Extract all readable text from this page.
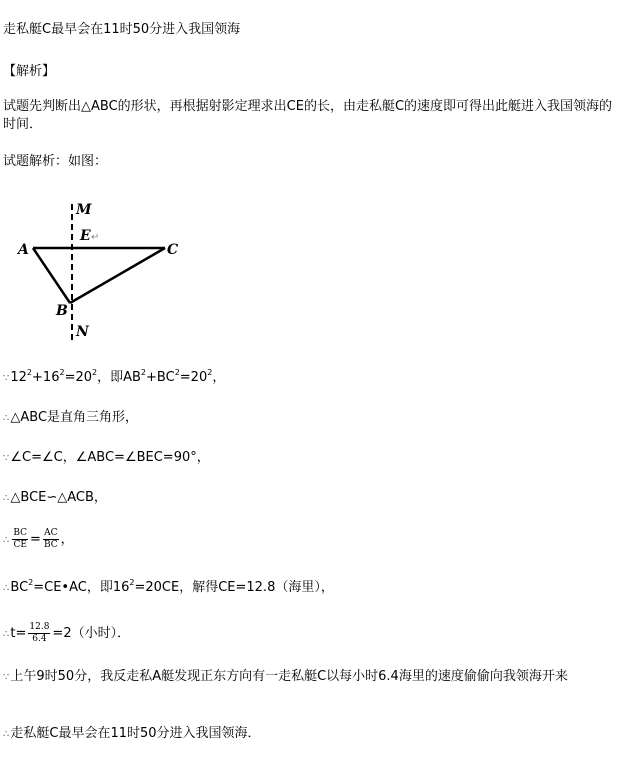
走私艇C最早会在11时50分进入我国领海
【解析】
试题先判断出△ABC的形状，再根据射影定理求出CE的长，由走私艇C的速度即可得出此艇进入我国领海的时间．
试题解析：如图：
M
E ↵
A	C
B
N
$\because 12^2+16^2=20^2$，即$AB^2+BC^2=20^2$，
∴△ABC是直角三角形，
∵∠C=∠C，∠ABC=∠BEC=90°，
∴△BCE∽△ACB，
∴ $\frac{BC}{CE} = \frac{AC}{BC}$ ，
$\therefore BC^2=CE•AC$，即$16^2=20CE$，解得CE=12.8（海里），
∴t= $\frac{12.8}{6.4} =2$（小时）．
∵上午9时50分，我反走私A艇发现正东方向有一走私艇C以每小时6.4海里的速度偷偷向我领海开来
∴走私艇C最早会在11时50分进入我国领海．
